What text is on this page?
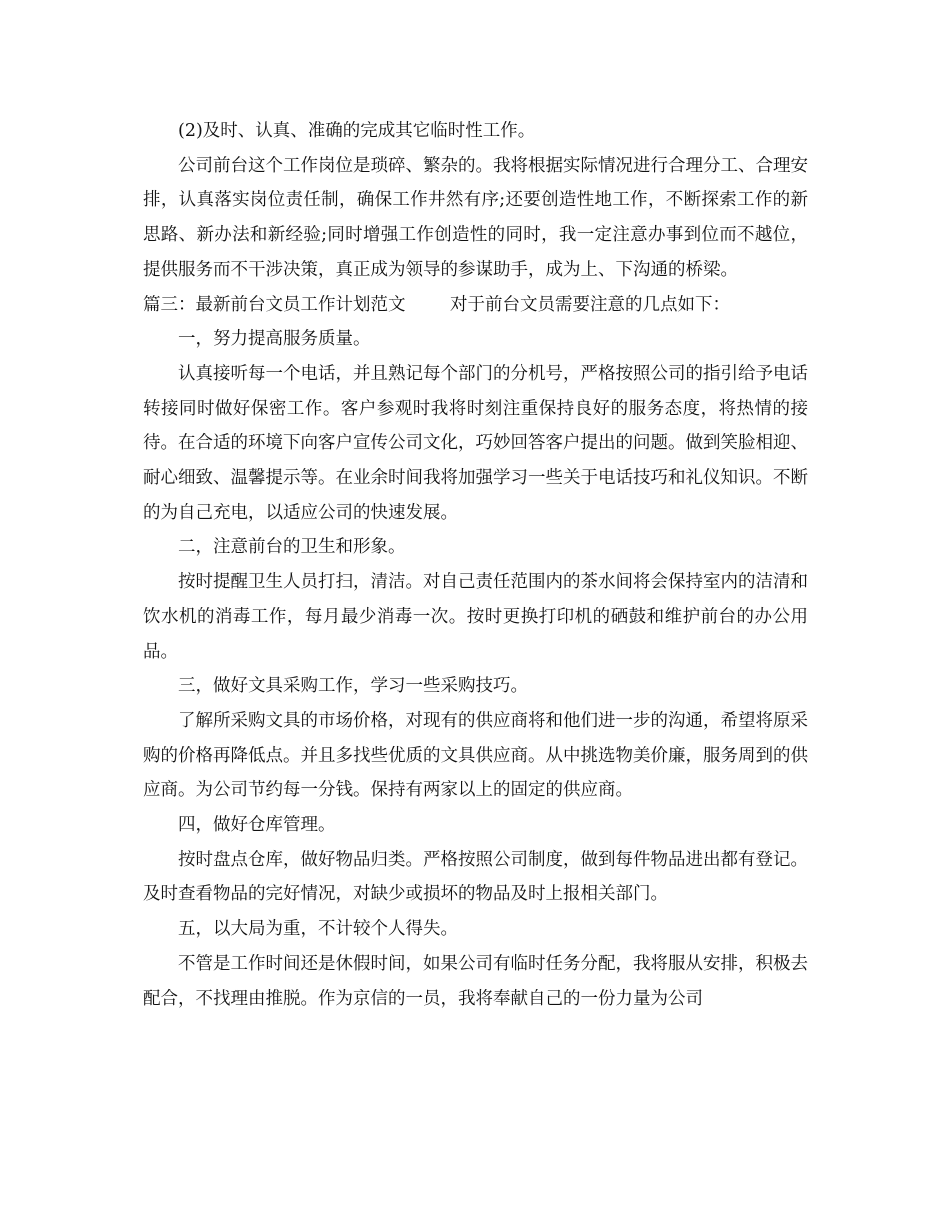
(2)及时、认真、准确的完成其它临时性工作。

公司前台这个工作岗位是琐碎、繁杂的。我将根据实际情况进行合理分工、合理安排，认真落实岗位责任制，确保工作井然有序;还要创造性地工作，不断探索工作的新思路、新办法和新经验;同时增强工作创造性的同时，我一定注意办事到位而不越位，提供服务而不干涉决策，真正成为领导的参谋助手，成为上、下沟通的桥梁。

篇三：最新前台文员工作计划范文        对于前台文员需要注意的几点如下：

一，努力提高服务质量。

认真接听每一个电话，并且熟记每个部门的分机号，严格按照公司的指引给予电话转接同时做好保密工作。客户参观时我将时刻注重保持良好的服务态度，将热情的接待。在合适的环境下向客户宣传公司文化，巧妙回答客户提出的问题。做到笑脸相迎、耐心细致、温馨提示等。在业余时间我将加强学习一些关于电话技巧和礼仪知识。不断的为自己充电，以适应公司的快速发展。

二，注意前台的卫生和形象。

按时提醒卫生人员打扫，清洁。对自己责任范围内的茶水间将会保持室内的洁清和饮水机的消毒工作，每月最少消毒一次。按时更换打印机的硒鼓和维护前台的办公用品。

三，做好文具采购工作，学习一些采购技巧。

了解所采购文具的市场价格，对现有的供应商将和他们进一步的沟通，希望将原采购的价格再降低点。并且多找些优质的文具供应商。从中挑选物美价廉，服务周到的供应商。为公司节约每一分钱。保持有两家以上的固定的供应商。

四，做好仓库管理。

按时盘点仓库，做好物品归类。严格按照公司制度，做到每件物品进出都有登记。及时查看物品的完好情况，对缺少或损坏的物品及时上报相关部门。

五，以大局为重，不计较个人得失。

不管是工作时间还是休假时间，如果公司有临时任务分配，我将服从安排，积极去配合，不找理由推脱。作为京信的一员，我将奉献自己的一份力量为公司
